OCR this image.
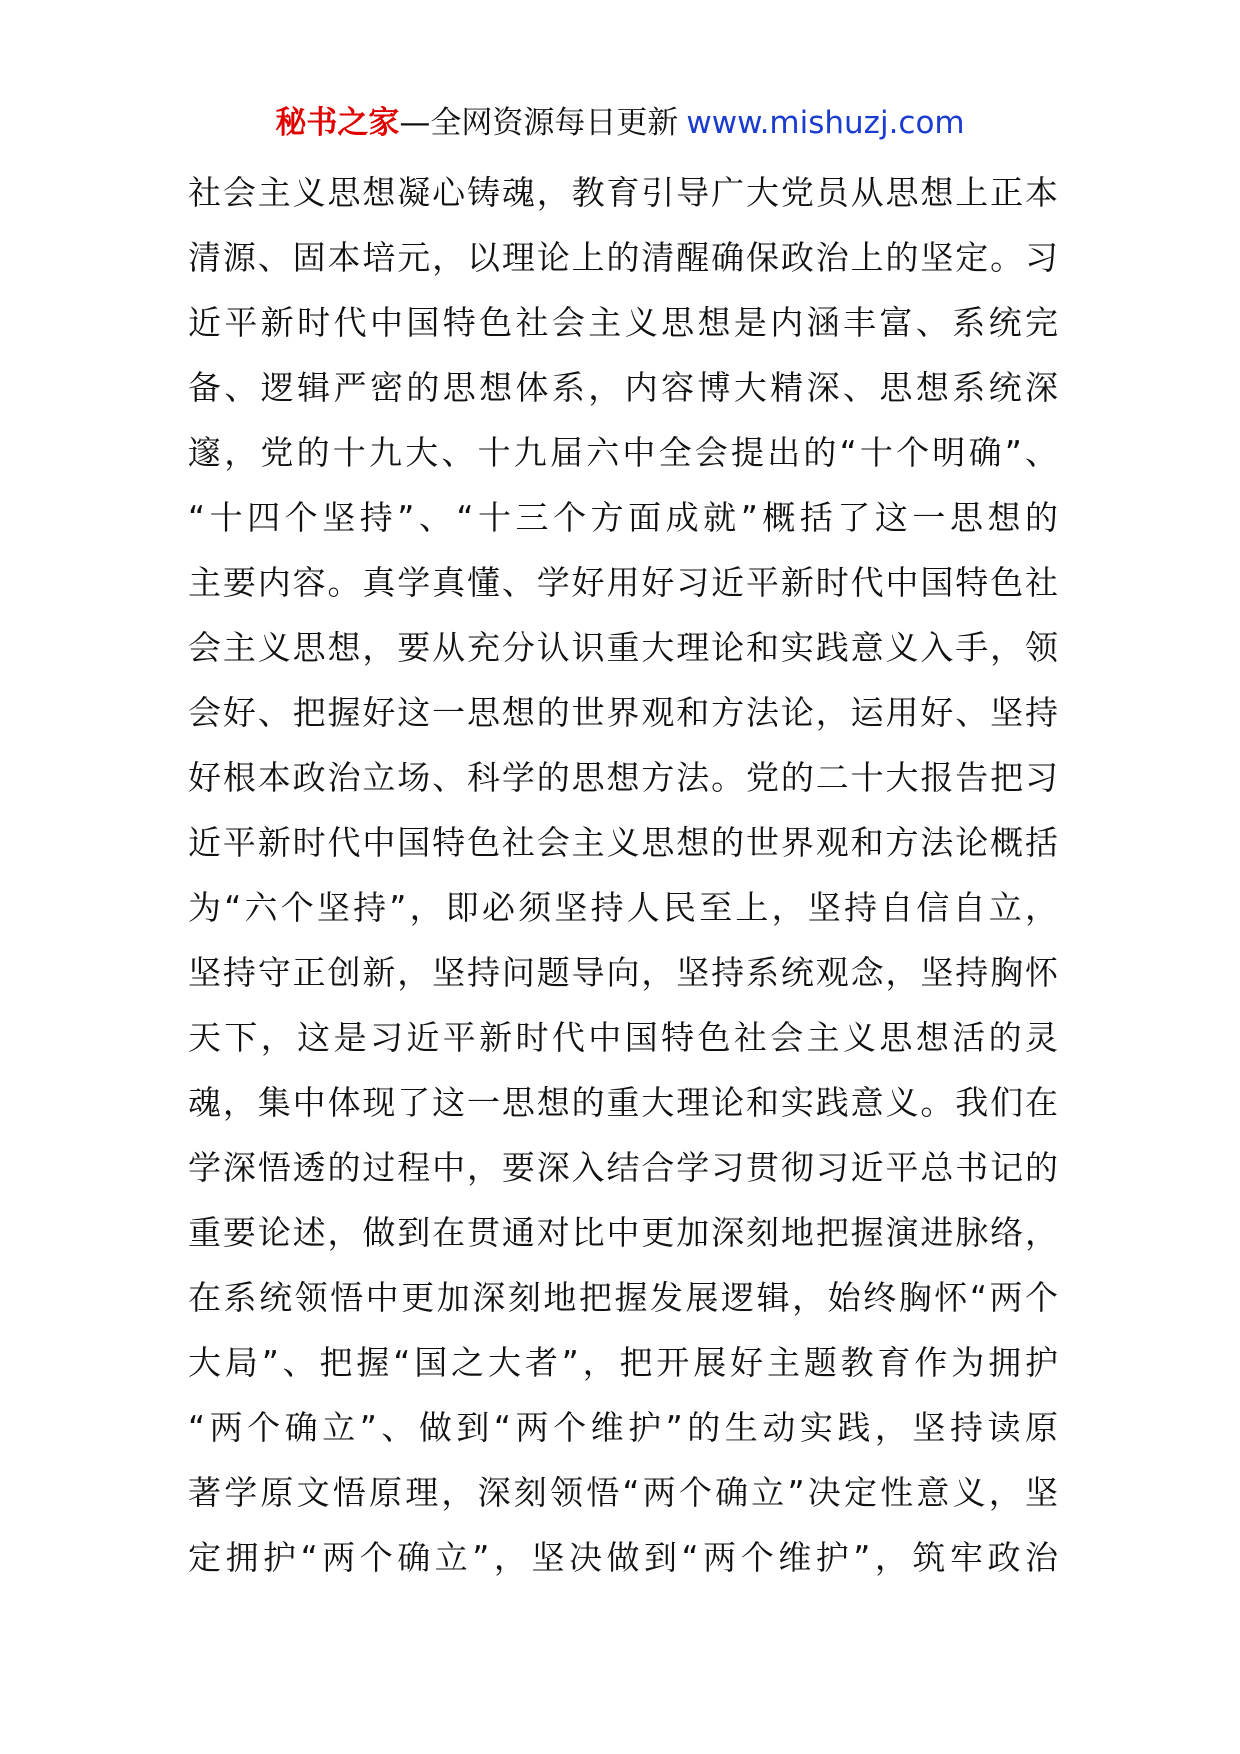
秘书之家—全网资源每日更新 www.mishuzj.com
社会主义思想凝心铸魂，教育引导广大党员从思想上正本
清源、固本培元，以理论上的清醒确保政治上的坚定。习
近平新时代中国特色社会主义思想是内涵丰富、系统完
备、逻辑严密的思想体系，内容博大精深、思想系统深
邃，党的十九大、十九届六中全会提出的“十个明确”、
“十四个坚持”、“十三个方面成就”概括了这一思想的
主要内容。真学真懂、学好用好习近平新时代中国特色社
会主义思想，要从充分认识重大理论和实践意义入手，领
会好、把握好这一思想的世界观和方法论，运用好、坚持
好根本政治立场、科学的思想方法。党的二十大报告把习
近平新时代中国特色社会主义思想的世界观和方法论概括
为“六个坚持”，即必须坚持人民至上，坚持自信自立，
坚持守正创新，坚持问题导向，坚持系统观念，坚持胸怀
天下，这是习近平新时代中国特色社会主义思想活的灵
魂，集中体现了这一思想的重大理论和实践意义。我们在
学深悟透的过程中，要深入结合学习贯彻习近平总书记的
重要论述，做到在贯通对比中更加深刻地把握演进脉络，
在系统领悟中更加深刻地把握发展逻辑，始终胸怀“两个
大局”、把握“国之大者”，把开展好主题教育作为拥护
“两个确立”、做到“两个维护”的生动实践，坚持读原
著学原文悟原理，深刻领悟“两个确立”决定性意义，坚
定拥护“两个确立”，坚决做到“两个维护”，筑牢政治
